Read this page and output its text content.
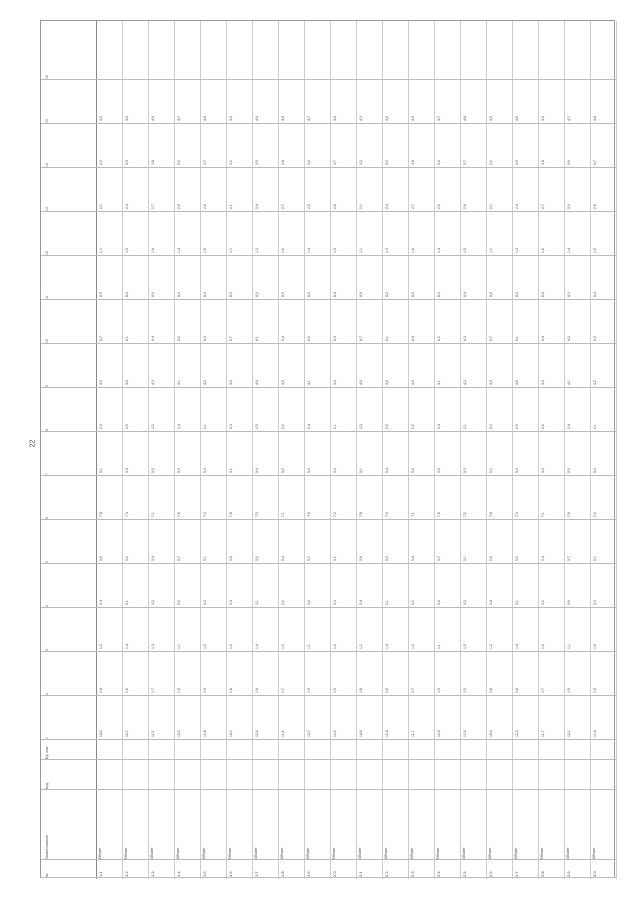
22
№
Наименование
Код
Ед. изм.
10
11
12
13
14
15
16
1.1
Объект
14,2
0,8
1,2
3,4
5,6
7,8
9,1
2,3
4,5
6,7
8,9
1,0
2,1
3,2
4,3
1.2
Объект
12,1
0,6
1,4
3,1
5,2
7,3
9,4
2,5
4,6
6,1
8,2
1,3
2,4
3,5
4,6
1.3
Объект
11,5
0,7
1,3
3,2
5,4
7,1
9,2
2,2
4,3
6,4
8,5
1,6
2,7
3,8
4,9
1.4
Объект
13,3
0,9
1,1
3,6
5,7
7,6
9,5
2,4
4,1
6,2
8,3
1,4
2,5
3,6
4,7
1.5
Объект
10,8
0,5
1,5
3,3
5,1
7,2
9,3
2,1
4,2
6,3
8,4
1,5
2,6
3,7
4,8
1.6
Объект
14,0
0,8
1,2
3,4
5,6
7,8
9,1
2,3
4,5
6,7
8,9
1,0
2,1
3,2
4,3
1.7
Объект
12,4
0,6
1,4
3,1
5,2
7,3
9,4
2,5
4,6
6,1
8,2
1,3
2,4
3,5
4,6
1.8
Объект
11,9
0,7
1,3
3,2
5,4
7,1
9,2
2,2
4,3
6,4
8,5
1,6
2,7
3,8
4,9
1.9
Объект
13,7
0,9
1,1
3,6
5,7
7,6
9,5
2,4
4,1
6,2
8,3
1,4
2,5
3,6
4,7
2.0
Объект
10,2
0,5
1,5
3,3
5,1
7,2
9,3
2,1
4,2
6,3
8,4
1,5
2,6
3,7
4,8
2.1
Объект
14,6
0,8
1,2
3,4
5,6
7,8
9,1
2,3
4,5
6,7
8,9
1,0
2,1
3,2
4,3
2.2
Объект
12,8
0,6
1,4
3,1
5,2
7,3
9,4
2,5
4,6
6,1
8,2
1,3
2,4
3,5
4,6
2.3
Объект
11,1
0,7
1,3
3,2
5,4
7,1
9,2
2,2
4,3
6,4
8,5
1,6
2,7
3,8
4,9
2.4
Объект
13,9
0,9
1,1
3,6
5,7
7,6
9,5
2,4
4,1
6,2
8,3
1,4
2,5
3,6
4,7
2.5
Объект
10,6
0,5
1,5
3,3
5,1
7,2
9,3
2,1
4,2
6,3
8,4
1,5
2,6
3,7
4,8
2.6
Объект
14,4
0,8
1,2
3,4
5,6
7,8
9,1
2,3
4,5
6,7
8,9
1,0
2,1
3,2
4,3
2.7
Объект
12,2
0,6
1,4
3,1
5,2
7,3
9,4
2,5
4,6
6,1
8,2
1,3
2,4
3,5
4,6
2.8
Объект
11,7
0,7
1,3
3,2
5,4
7,1
9,2
2,2
4,3
6,4
8,5
1,6
2,7
3,8
4,9
2.9
Объект
13,1
0,9
1,1
3,6
5,7
7,6
9,5
2,4
4,1
6,2
8,3
1,4
2,5
3,6
4,7
3.0
Объект
10,4
0,5
1,5
3,3
5,1
7,2
9,3
2,1
4,2
6,3
8,4
1,5
2,6
3,7
4,8
